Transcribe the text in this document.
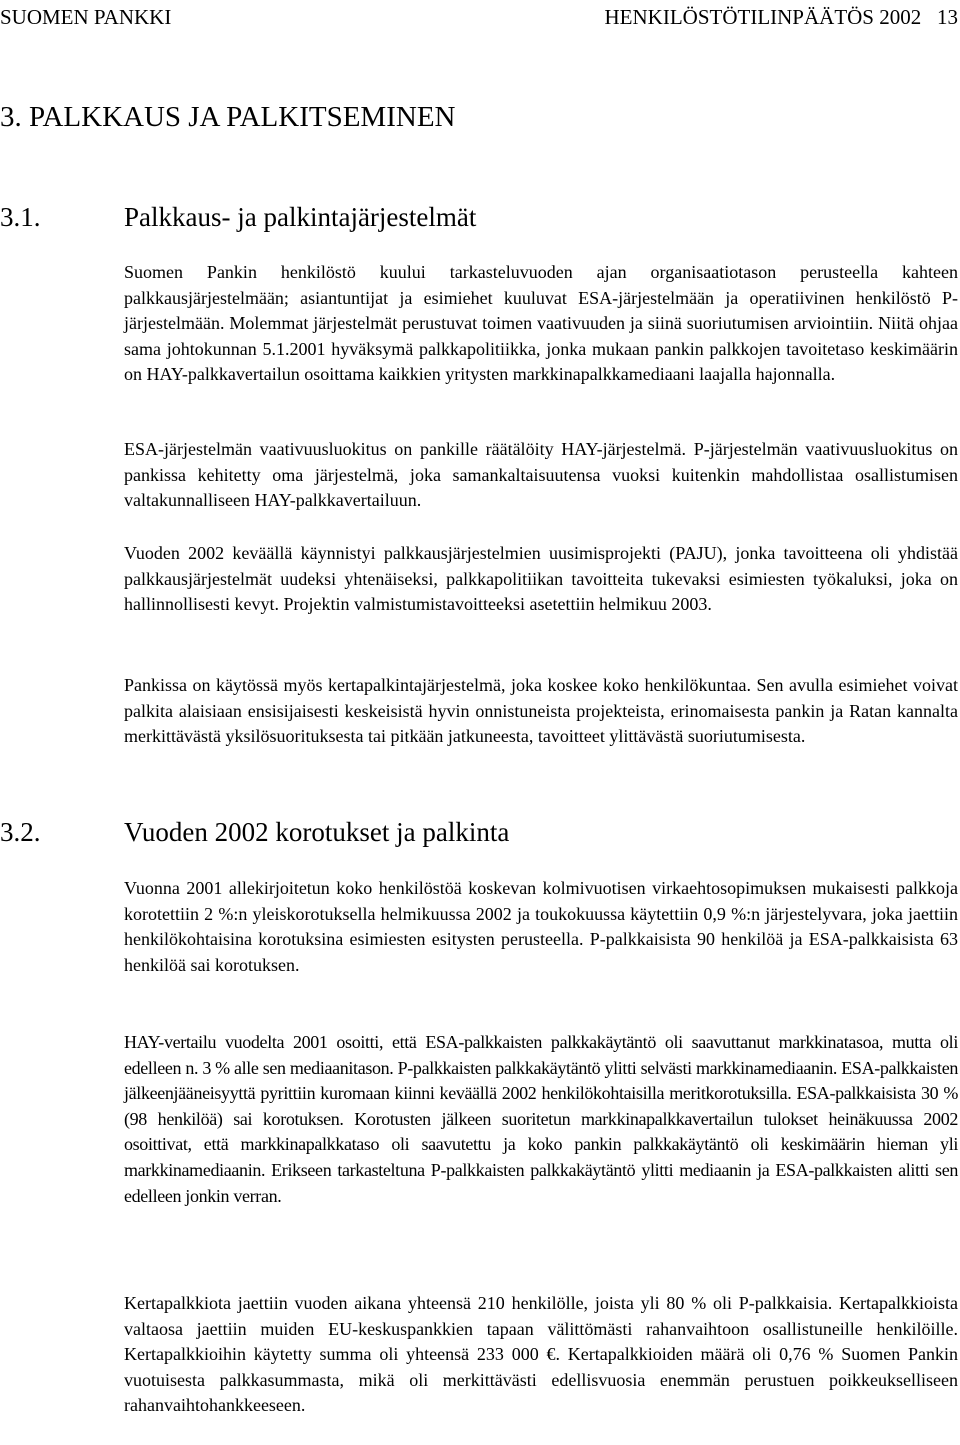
SUOMEN PANKKI	HENKILÖSTÖTILINPÄÄTÖS 2002   13
3. PALKKAUS JA PALKITSEMINEN
3.1.	Palkkaus- ja palkintajärjestelmät

Suomen Pankin henkilöstö kuului tarkasteluvuoden ajan organisaatiotason perusteella kahteen palkkausjärjestelmään; asiantuntijat ja esimiehet kuuluvat ESA-järjestelmään ja operatiivinen henkilöstö P-järjestelmään. Molemmat järjestelmät perustuvat toimen vaativuuden ja siinä suoriutumisen arviointiin. Niitä ohjaa sama johtokunnan 5.1.2001 hyväksymä palkkapolitiikka, jonka mukaan pankin palkkojen tavoitetaso keskimäärin on HAY-palkkavertailun osoittama kaikkien yritysten markkinapalkkamediaani laajalla hajonnalla.

ESA-järjestelmän vaativuusluokitus on pankille räätälöity HAY-järjestelmä. P-järjestelmän vaativuusluokitus on pankissa kehitetty oma järjestelmä, joka samankaltaisuutensa vuoksi kuitenkin mahdollistaa osallistumisen valtakunnalliseen HAY-palkkavertailuun.

Vuoden 2002 keväällä käynnistyi palkkausjärjestelmien uusimisprojekti (PAJU), jonka tavoitteena oli yhdistää palkkausjärjestelmät uudeksi yhtenäiseksi, palkkapolitiikan tavoitteita tukevaksi esimiesten työkaluksi, joka on hallinnollisesti kevyt. Projektin valmistumistavoitteeksi asetettiin helmikuu 2003.

Pankissa on käytössä myös kertapalkintajärjestelmä, joka koskee koko henkilökuntaa. Sen avulla esimiehet voivat palkita alaisiaan ensisijaisesti keskeisistä hyvin onnistuneista projekteista, erinomaisesta pankin ja Ratan kannalta merkittävästä yksilösuorituksesta tai pitkään jatkuneesta, tavoitteet ylittävästä suoriutumisesta.

3.2.	Vuoden 2002 korotukset ja palkinta

Vuonna 2001 allekirjoitetun koko henkilöstöä koskevan kolmivuotisen virkaehtosopimuksen mukaisesti palkkoja korotettiin 2 %:n yleiskorotuksella helmikuussa 2002 ja toukokuussa käytettiin 0,9 %:n järjestelyvara, joka jaettiin henkilökohtaisina korotuksina esimiesten esitysten perusteella. P-palkkaisista 90 henkilöä ja ESA-palkkaisista 63 henkilöä sai korotuksen.

HAY-vertailu vuodelta 2001 osoitti, että ESA-palkkaisten palkkakäytäntö oli saavuttanut markkinatasoa, mutta oli edelleen n. 3 % alle sen mediaanitason. P-palkkaisten palkkakäytäntö ylitti selvästi markkinamediaanin. ESA-palkkaisten jälkeenjääneisyyttä pyrittiin kuromaan kiinni keväällä 2002 henkilökohtaisilla meritkorotuksilla. ESA-palkkaisista 30 % (98 henkilöä) sai korotuksen. Korotusten jälkeen suoritetun markkinapalkkavertailun tulokset heinäkuussa 2002 osoittivat, että markkinapalkkataso oli saavutettu ja koko pankin palkkakäytäntö oli keskimäärin hieman yli markkinamediaanin. Erikseen tarkasteltuna P-palkkaisten palkkakäytäntö ylitti mediaanin ja ESA-palkkaisten alitti sen edelleen jonkin verran.

Kertapalkkiota jaettiin vuoden aikana yhteensä 210 henkilölle, joista yli 80 % oli P-palkkaisia. Kertapalkkioista valtaosa jaettiin muiden EU-keskuspankkien tapaan välittömästi rahanvaihtoon osallistuneille henkilöille. Kertapalkkioihin käytetty summa oli yhteensä 233 000 €. Kertapalkkioiden määrä oli 0,76 % Suomen Pankin vuotuisesta palkkasummasta, mikä oli merkittävästi edellisvuosia enemmän perustuen poikkeukselliseen rahanvaihtohankkeeseen.
